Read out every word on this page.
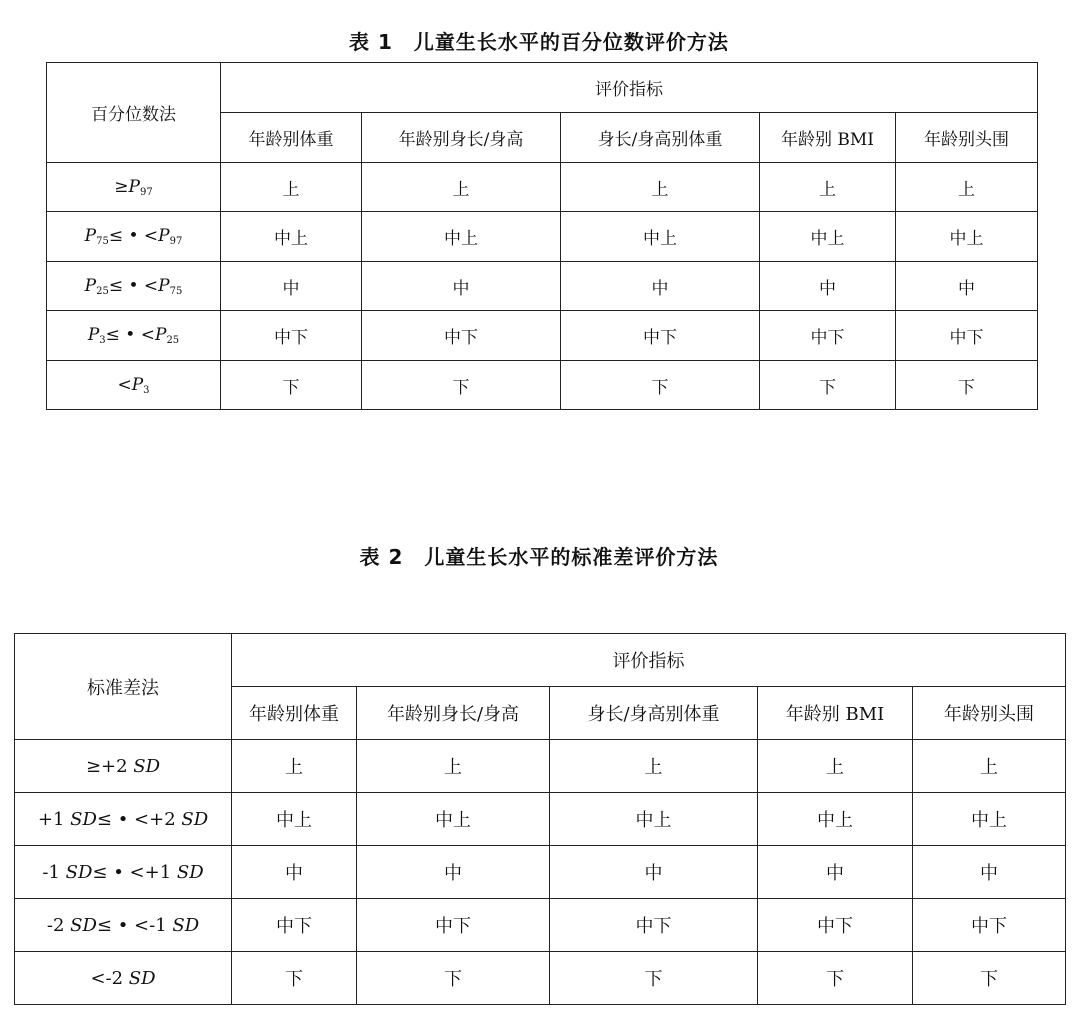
表 1　儿童生长水平的百分位数评价方法
百分位数法	评价指标				
	年龄别体重	年龄别身长/身高	身长/身高别体重	年龄别 BMI	年龄别头围
$\ge P_{97}$	上	上	上	上	上
$P_{75}\le$ • $<P_{97}$	中上	中上	中上	中上	中上
$P_{25}\le$ • $<P_{75}$	中	中	中	中	中
$P_3\le$ • $<P_{25}$	中下	中下	中下	中下	中下
$<P_3$	下	下	下	下	下
表 2　儿童生长水平的标准差评价方法
标准差法	评价指标				
	年龄别体重	年龄别身长/身高	身长/身高别体重	年龄别 BMI	年龄别头围
≥+2 SD	上	上	上	上	上
+1 SD≤ • <+2 SD	中上	中上	中上	中上	中上
-1 SD≤ • <+1 SD	中	中	中	中	中
-2 SD≤ • <-1 SD	中下	中下	中下	中下	中下
<-2 SD	下	下	下	下	下
